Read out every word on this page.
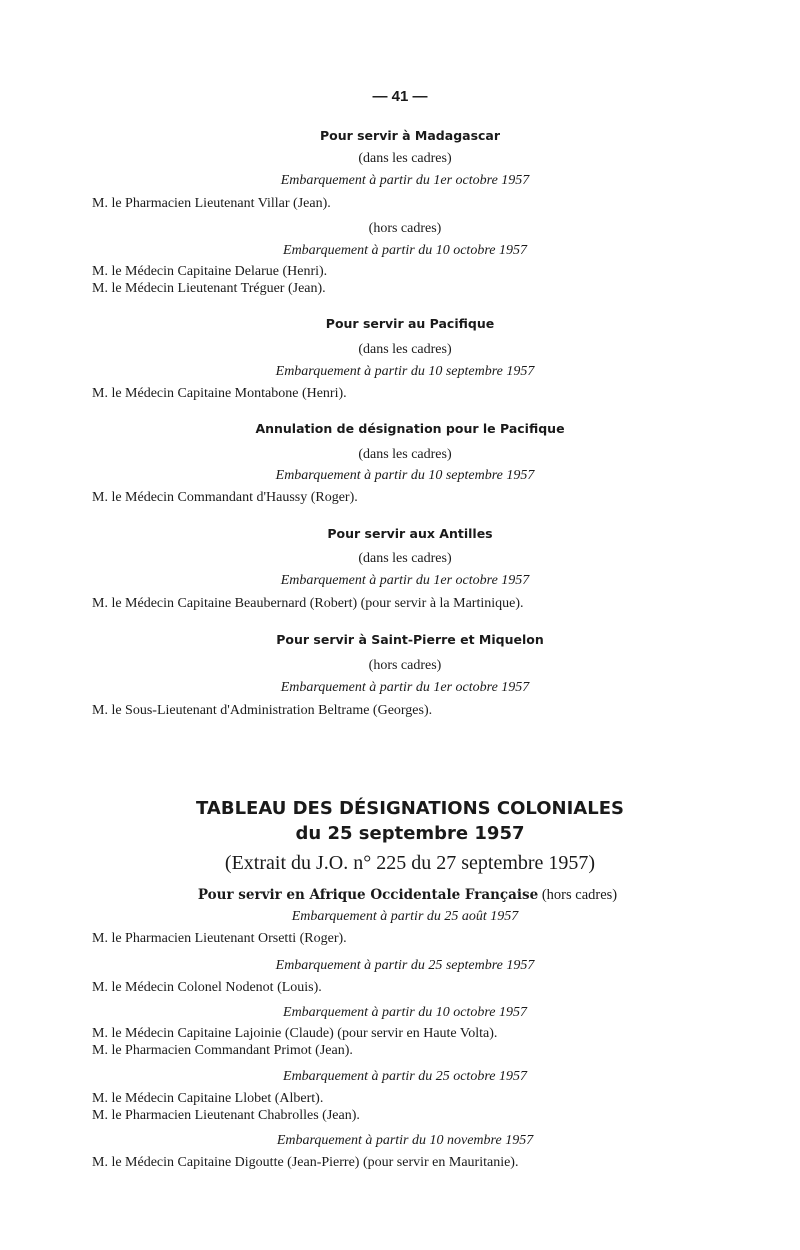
— 41 —
Pour servir à Madagascar
(dans les cadres)
Embarquement à partir du 1er octobre 1957
M. le Pharmacien Lieutenant Villar (Jean).
(hors cadres)
Embarquement à partir du 10 octobre 1957
M. le Médecin Capitaine Delarue (Henri).
M. le Médecin Lieutenant Tréguer (Jean).
Pour servir au Pacifique
(dans les cadres)
Embarquement à partir du 10 septembre 1957
M. le Médecin Capitaine Montabone (Henri).
Annulation de désignation pour le Pacifique
(dans les cadres)
Embarquement à partir du 10 septembre 1957
M. le Médecin Commandant d'Haussy (Roger).
Pour servir aux Antilles
(dans les cadres)
Embarquement à partir du 1er octobre 1957
M. le Médecin Capitaine Beaubernard (Robert) (pour servir à la Martinique).
Pour servir à Saint-Pierre et Miquelon
(hors cadres)
Embarquement à partir du 1er octobre 1957
M. le Sous-Lieutenant d'Administration Beltrame (Georges).
TABLEAU DES DÉSIGNATIONS COLONIALES
du 25 septembre 1957
(Extrait du J.O. n° 225 du 27 septembre 1957)
Pour servir en Afrique Occidentale Française (hors cadres)
Embarquement à partir du 25 août 1957
M. le Pharmacien Lieutenant Orsetti (Roger).
Embarquement à partir du 25 septembre 1957
M. le Médecin Colonel Nodenot (Louis).
Embarquement à partir du 10 octobre 1957
M. le Médecin Capitaine Lajoinie (Claude) (pour servir en Haute Volta).
M. le Pharmacien Commandant Primot (Jean).
Embarquement à partir du 25 octobre 1957
M. le Médecin Capitaine Llobet (Albert).
M. le Pharmacien Lieutenant Chabrolles (Jean).
Embarquement à partir du 10 novembre 1957
M. le Médecin Capitaine Digoutte (Jean-Pierre) (pour servir en Mauritanie).
